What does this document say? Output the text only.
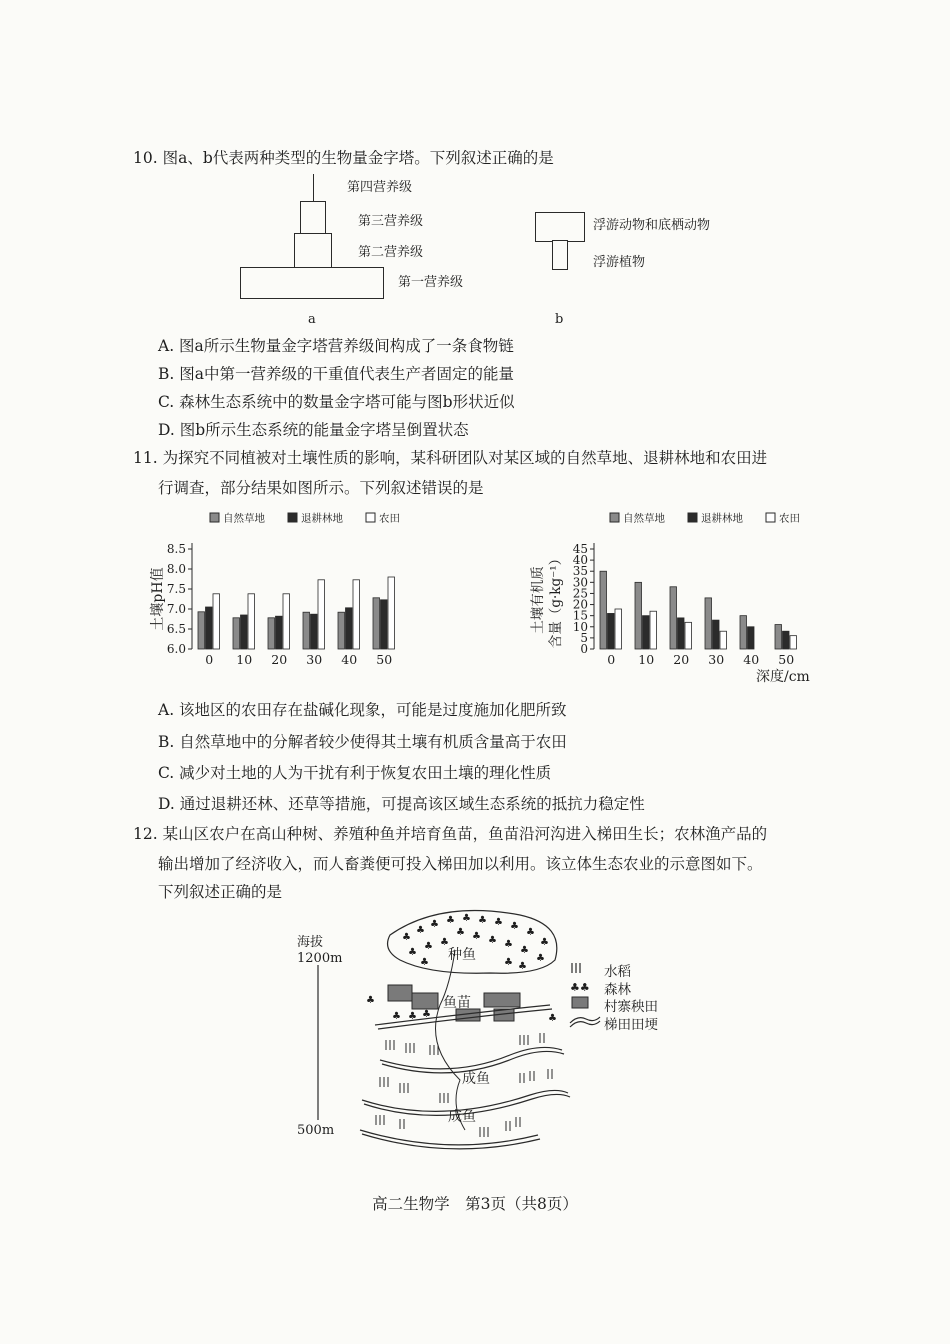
10. 图a、b代表两种类型的生物量金字塔。下列叙述正确的是
第四营养级
第三营养级
第二营养级
第一营养级
a
浮游动物和底栖动物
浮游植物
b
A. 图a所示生物量金字塔营养级间构成了一条食物链
B. 图a中第一营养级的干重值代表生产者固定的能量
C. 森林生态系统中的数量金字塔可能与图b形状近似
D. 图b所示生态系统的能量金字塔呈倒置状态
11. 为探究不同植被对土壤性质的影响，某科研团队对某区域的自然草地、退耕林地和农田进
行调查，部分结果如图所示。下列叙述错误的是
自然草地	退耕林地	农田
6.0
6.5
7.0
7.5
8.0
8.5
0 10 20 30 40 50
土壤pH值
自然草地	退耕林地	农田
0
5
10
15
20
25
30
35
40
45
0 10 20 30 40 50
土壤有机质 含量（g·kg⁻¹）
深度/cm
A. 该地区的农田存在盐碱化现象，可能是过度施加化肥所致
B. 自然草地中的分解者较少使得其土壤有机质含量高于农田
C. 减少对土地的人为干扰有利于恢复农田土壤的理化性质
D. 通过退耕还林、还草等措施，可提高该区域生态系统的抵抗力稳定性
12. 某山区农户在高山种树、养殖种鱼并培育鱼苗，鱼苗沿河沟进入梯田生长；农林渔产品的
输出增加了经济收入，而人畜粪便可投入梯田加以利用。该立体生态农业的示意图如下。
下列叙述正确的是
♣
♣
♣ ♣ ♣ ♣ ♣ ♣
♣
♣
♣
♣ ♣	♣ ♣
♣
♣
♣	♣ ♣
♣
♣
♣
♣ ♣
♣	♣
♣♣
海拔
1200m
500m
种鱼
鱼苗
成鱼
成鱼
水稻
森林
村寨秧田
梯田田埂
高二生物学　第3页（共8页）
